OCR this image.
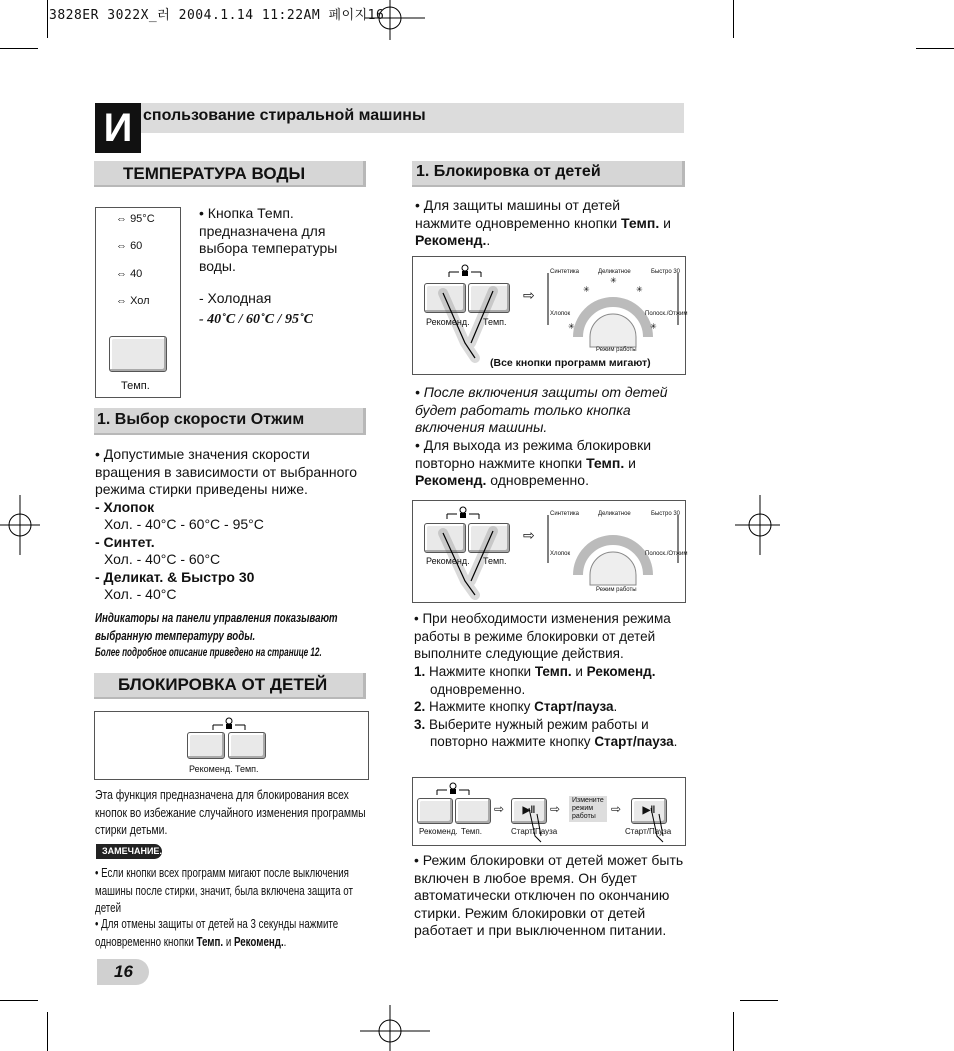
3828ER 3022X_러 2004.1.14 11:22AM 페이지16
И спользование стиральной машины
ТЕМПЕРАТУРА ВОДЫ
⇔ 95°C
⇔ 60
⇔ 40
⇔ Хол
Темп.
• Кнопка Темп. предназначена для выбора температуры воды.
- Холодная
- 40˚C / 60˚C / 95˚C
1. Выбор скорости Отжим
• Допустимые значения скорости вращения в зависимости от выбранного режима стирки приведены ниже.
- Хлопок
Хол. - 40°C - 60°C - 95°C
- Синтет.
Хол. - 40°C - 60°C
- Деликат. & Быстро 30
Хол. - 40°C
Индикаторы на панели управления показывают выбранную температуру воды.
Более подробное описание приведено на странице 12.
БЛОКИРОВКА ОТ ДЕТЕЙ
Рекоменд. Темп.
Эта функция предназначена для блокирования всех кнопок во избежание случайного изменения программы стирки детьми.
ЗАМЕЧАНИЕ.
• Если кнопки всех программ мигают после выключения машины после стирки, значит, была включена защита от детей
• Для отмены защиты от детей на 3 секунды нажмите одновременно кнопки Темп. и Рекоменд..
16
1. Блокировка от детей
• Для защиты машины от детей нажмите одновременно кнопки Темп. и Рекоменд..
Рекоменд. Темп.
⇨
✳
✳
✳
✳
✳
Синтетика	Деликатное	Быстро 30
Хлопок	Полоск./Отжим
Режим работы
(Все кнопки программ мигают)
• После включения защиты от детей будет работать только кнопка включения машины.
• Для выхода из режима блокировки повторно нажмите кнопки Темп. и Рекоменд. одновременно.
Рекоменд. Темп.
⇨
Синтетика	Деликатное	Быстро 30
Хлопок	Полоск./Отжим
Режим работы
• При необходимости изменения режима работы в режиме блокировки от детей выполните следующие действия.
1. Нажмите кнопки Темп. и Рекоменд. одновременно.
2. Нажмите кнопку Старт/пауза.
3. Выберите нужный режим работы и повторно нажмите кнопку Старт/пауза.
Рекоменд. Темп.
⇨	▶‖
Старт/Пауза
⇨
Измените режим работы
⇨	▶‖
Старт/Пауза
• Режим блокировки от детей может быть включен в любое время. Он будет автоматически отключен по окончанию стирки. Режим блокировки от детей работает и при выключенном питании.
